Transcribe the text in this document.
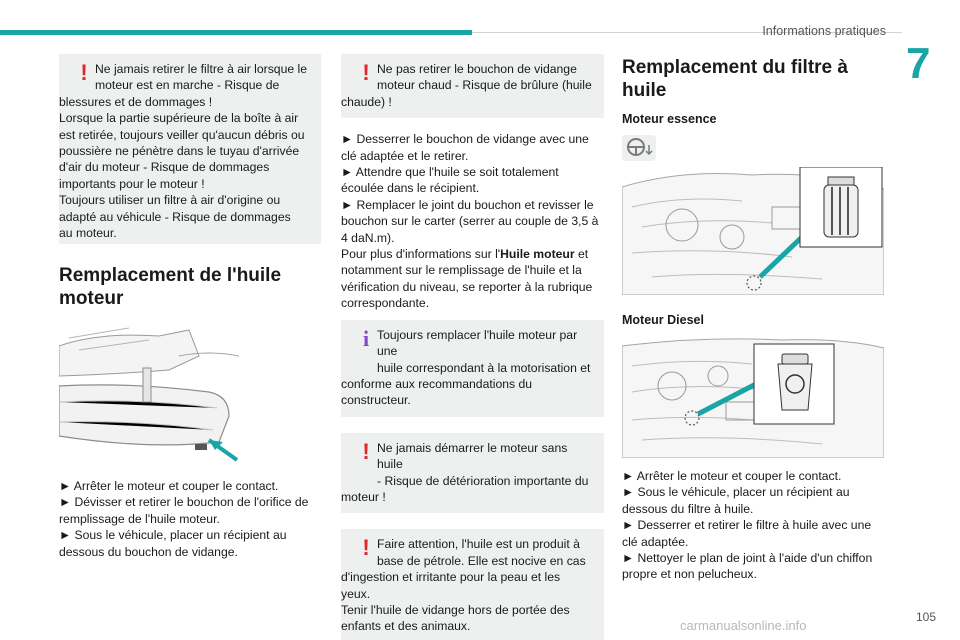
Informations pratiques
7
! Ne jamais retirer le filtre à air lorsque le

moteur est en marche - Risque de

blessures et de dommages !

Lorsque la partie supérieure de la boîte à air

est retirée, toujours veiller qu'aucun débris ou

poussière ne pénètre dans le tuyau d'arrivée

d'air du moteur - Risque de dommages

importants pour le moteur !

Toujours utiliser un filtre à air d'origine ou

adapté au véhicule - Risque de dommages

au moteur.

Remplacement de l'huile
moteur

► Arrêter le moteur et couper le contact.

► Dévisser et retirer le bouchon de l'orifice de

remplissage de l'huile moteur.

► Sous le véhicule, placer un récipient au

dessous du bouchon de vidange.

! Ne pas retirer le bouchon de vidange

moteur chaud - Risque de brûlure (huile

chaude) !

► Desserrer le bouchon de vidange avec une

clé adaptée et le retirer.

► Attendre que l'huile se soit totalement

écoulée dans le récipient.

► Remplacer le joint du bouchon et revisser le

bouchon sur le carter (serrer au couple de 3,5 à

4 daN.m).

Pour plus d'informations sur l'Huile moteur et

notamment sur le remplissage de l'huile et la

vérification du niveau, se reporter à la rubrique

correspondante.

i Toujours remplacer l'huile moteur par une

huile correspondant à la motorisation et

conforme aux recommandations du

constructeur.

! Ne jamais démarrer le moteur sans huile

- Risque de détérioration importante du

moteur !

! Faire attention, l'huile est un produit à

base de pétrole. Elle est nocive en cas

d'ingestion et irritante pour la peau et les

yeux.

Tenir l'huile de vidange hors de portée des

enfants et des animaux.

Remplacement du filtre à
huile
Moteur essence
Moteur Diesel

► Arrêter le moteur et couper le contact.

► Sous le véhicule, placer un récipient au

dessous du filtre à huile.

► Desserrer et retirer le filtre à huile avec une

clé adaptée.

► Nettoyer le plan de joint à l'aide d'un chiffon

propre et non pelucheux.

105
carmanualsonline.info
